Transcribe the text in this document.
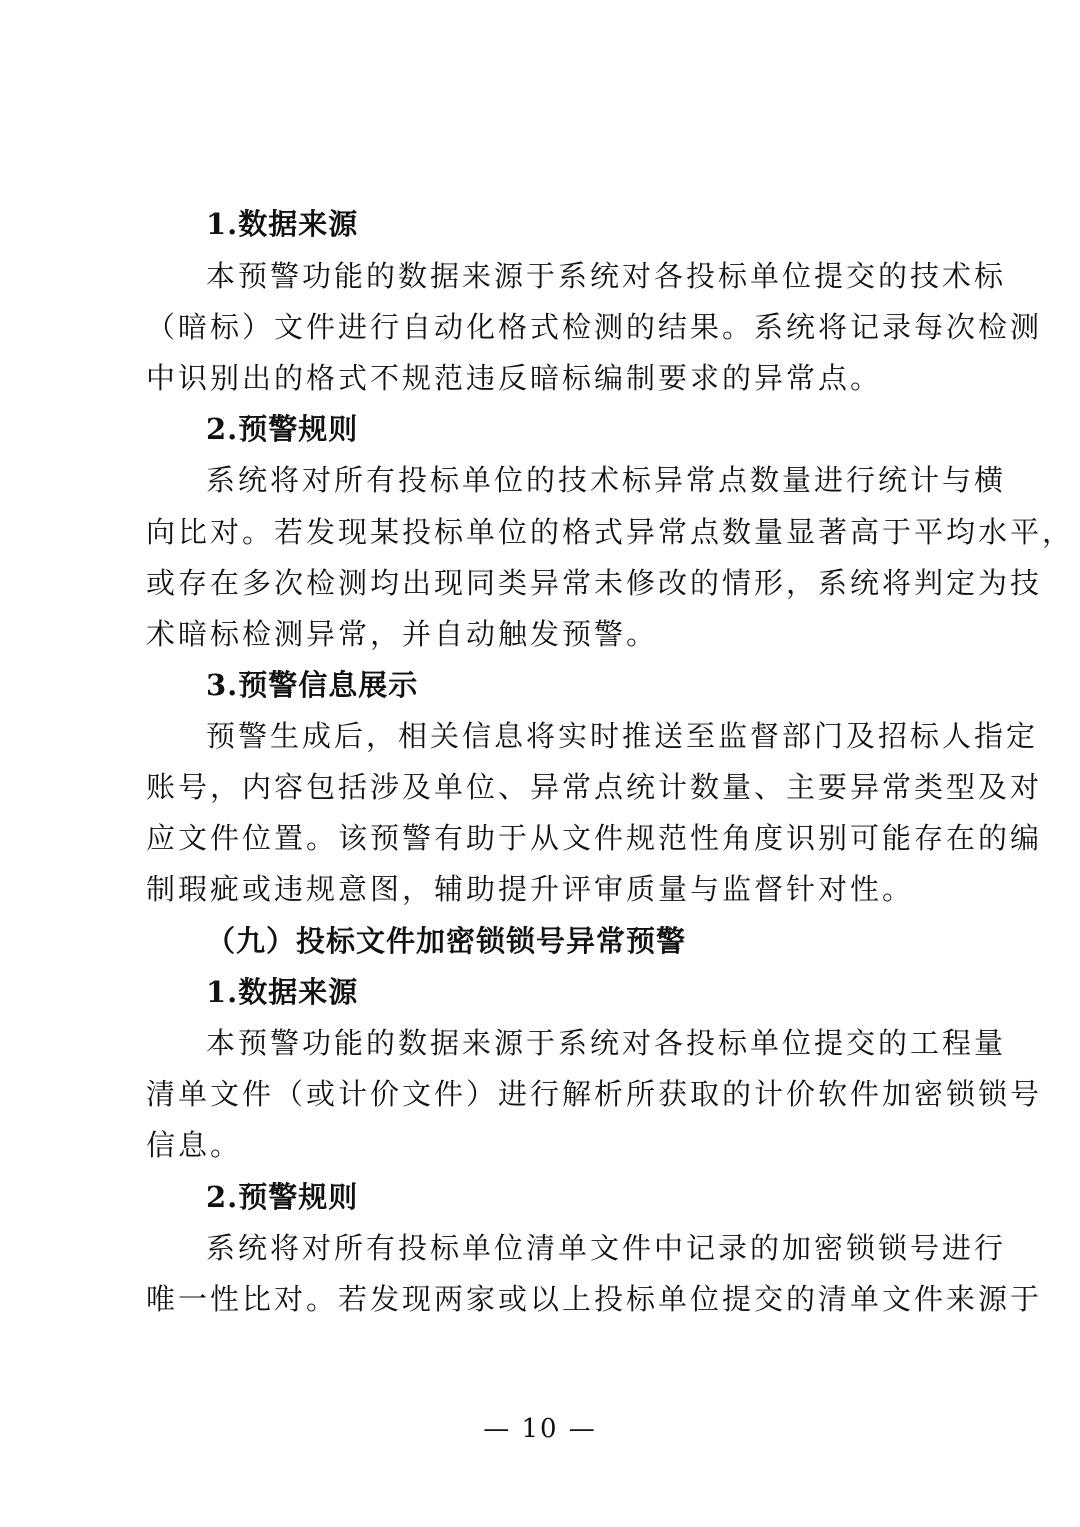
1.数据来源
本预警功能的数据来源于系统对各投标单位提交的技术标
（暗标）文件进行自动化格式检测的结果。系统将记录每次检测
中识别出的格式不规范违反暗标编制要求的异常点。
2.预警规则
系统将对所有投标单位的技术标异常点数量进行统计与横
向比对。若发现某投标单位的格式异常点数量显著高于平均水平，
或存在多次检测均出现同类异常未修改的情形，系统将判定为技
术暗标检测异常，并自动触发预警。
3.预警信息展示
预警生成后，相关信息将实时推送至监督部门及招标人指定
账号，内容包括涉及单位、异常点统计数量、主要异常类型及对
应文件位置。该预警有助于从文件规范性角度识别可能存在的编
制瑕疵或违规意图，辅助提升评审质量与监督针对性。
（九）投标文件加密锁锁号异常预警
1.数据来源
本预警功能的数据来源于系统对各投标单位提交的工程量
清单文件（或计价文件）进行解析所获取的计价软件加密锁锁号
信息。
2.预警规则
系统将对所有投标单位清单文件中记录的加密锁锁号进行
唯一性比对。若发现两家或以上投标单位提交的清单文件来源于
— 10 —
